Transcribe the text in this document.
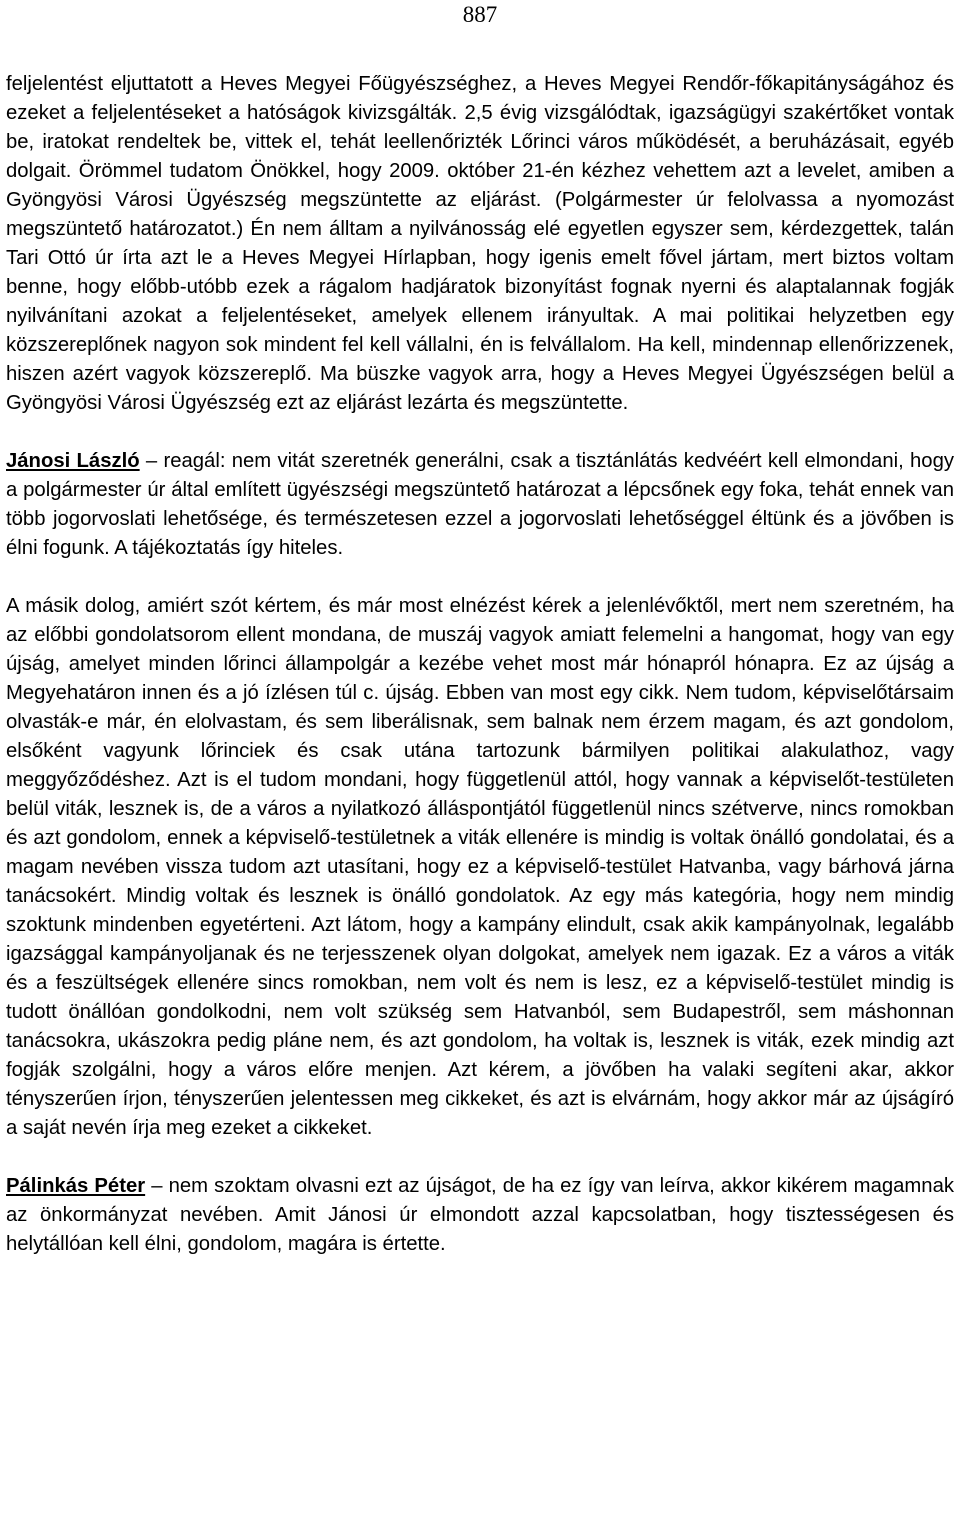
887

feljelentést eljuttatott a Heves Megyei Főügyészséghez, a Heves Megyei Rendőr-főkapitányságához és ezeket a feljelentéseket a hatóságok kivizsgálták. 2,5 évig vizsgálódtak, igazságügyi szakértőket vontak be, iratokat rendeltek be, vittek el, tehát leellenőrizték Lőrinci város működését, a beruházásait, egyéb dolgait. Örömmel tudatom Önökkel, hogy 2009. október 21-én kézhez vehettem azt a levelet, amiben a Gyöngyösi Városi Ügyészség megszüntette az eljárást. (Polgármester úr felolvassa a nyomozást megszüntető határozatot.) Én nem álltam a nyilvánosság elé egyetlen egyszer sem, kérdezgettek, talán Tari Ottó úr írta azt le a Heves Megyei Hírlapban, hogy igenis emelt fővel jártam, mert biztos voltam benne, hogy előbb-utóbb ezek a rágalom hadjáratok bizonyítást fognak nyerni és alaptalannak fogják nyilvánítani azokat a feljelentéseket, amelyek ellenem irányultak. A mai politikai helyzetben egy közszereplőnek nagyon sok mindent fel kell vállalni, én is felvállalom. Ha kell, mindennap ellenőrizzenek, hiszen azért vagyok közszereplő. Ma büszke vagyok arra, hogy a Heves Megyei Ügyészségen belül a Gyöngyösi Városi Ügyészség ezt az eljárást lezárta és megszüntette.

Jánosi László – reagál: nem vitát szeretnék generálni, csak a tisztánlátás kedvéért kell elmondani, hogy a polgármester úr által említett ügyészségi megszüntető határozat a lépcsőnek egy foka, tehát ennek van több jogorvoslati lehetősége, és természetesen ezzel a jogorvoslati lehetőséggel éltünk és a jövőben is élni fogunk. A tájékoztatás így hiteles.

A másik dolog, amiért szót kértem, és már most elnézést kérek a jelenlévőktől, mert nem szeretném, ha az előbbi gondolatsorom ellent mondana, de muszáj vagyok amiatt felemelni a hangomat, hogy van egy újság, amelyet minden lőrinci állampolgár a kezébe vehet most már hónapról hónapra. Ez az újság a Megyehatáron innen és a jó ízlésen túl c. újság. Ebben van most egy cikk. Nem tudom, képviselőtársaim olvasták-e már, én elolvastam, és sem liberálisnak, sem balnak nem érzem magam, és azt gondolom, elsőként vagyunk lőrinciek és csak utána tartozunk bármilyen politikai alakulathoz, vagy meggyőződéshez. Azt is el tudom mondani, hogy függetlenül attól, hogy vannak a képviselőt-testületen belül viták, lesznek is, de a város a nyilatkozó álláspontjától függetlenül nincs szétverve, nincs romokban és azt gondolom, ennek a képviselő-testületnek a viták ellenére is mindig is voltak önálló gondolatai, és a magam nevében vissza tudom azt utasítani, hogy ez a képviselő-testület Hatvanba, vagy bárhová járna tanácsokért. Mindig voltak és lesznek is önálló gondolatok. Az egy más kategória, hogy nem mindig szoktunk mindenben egyetérteni. Azt látom, hogy a kampány elindult, csak akik kampányolnak, legalább igazsággal kampányoljanak és ne terjesszenek olyan dolgokat, amelyek nem igazak. Ez a város a viták és a feszültségek ellenére sincs romokban, nem volt és nem is lesz, ez a képviselő-testület mindig is tudott önállóan gondolkodni, nem volt szükség sem Hatvanból, sem Budapestről, sem máshonnan tanácsokra, ukászokra pedig pláne nem, és azt gondolom, ha voltak is, lesznek is viták, ezek mindig azt fogják szolgálni, hogy a város előre menjen. Azt kérem, a jövőben ha valaki segíteni akar, akkor tényszerűen írjon, tényszerűen jelentessen meg cikkeket, és azt is elvárnám, hogy akkor már az újságíró a saját nevén írja meg ezeket a cikkeket.

Pálinkás Péter – nem szoktam olvasni ezt az újságot, de ha ez így van leírva, akkor kikérem magamnak az önkormányzat nevében. Amit Jánosi úr elmondott azzal kapcsolatban, hogy tisztességesen és helytállóan kell élni, gondolom, magára is értette.
